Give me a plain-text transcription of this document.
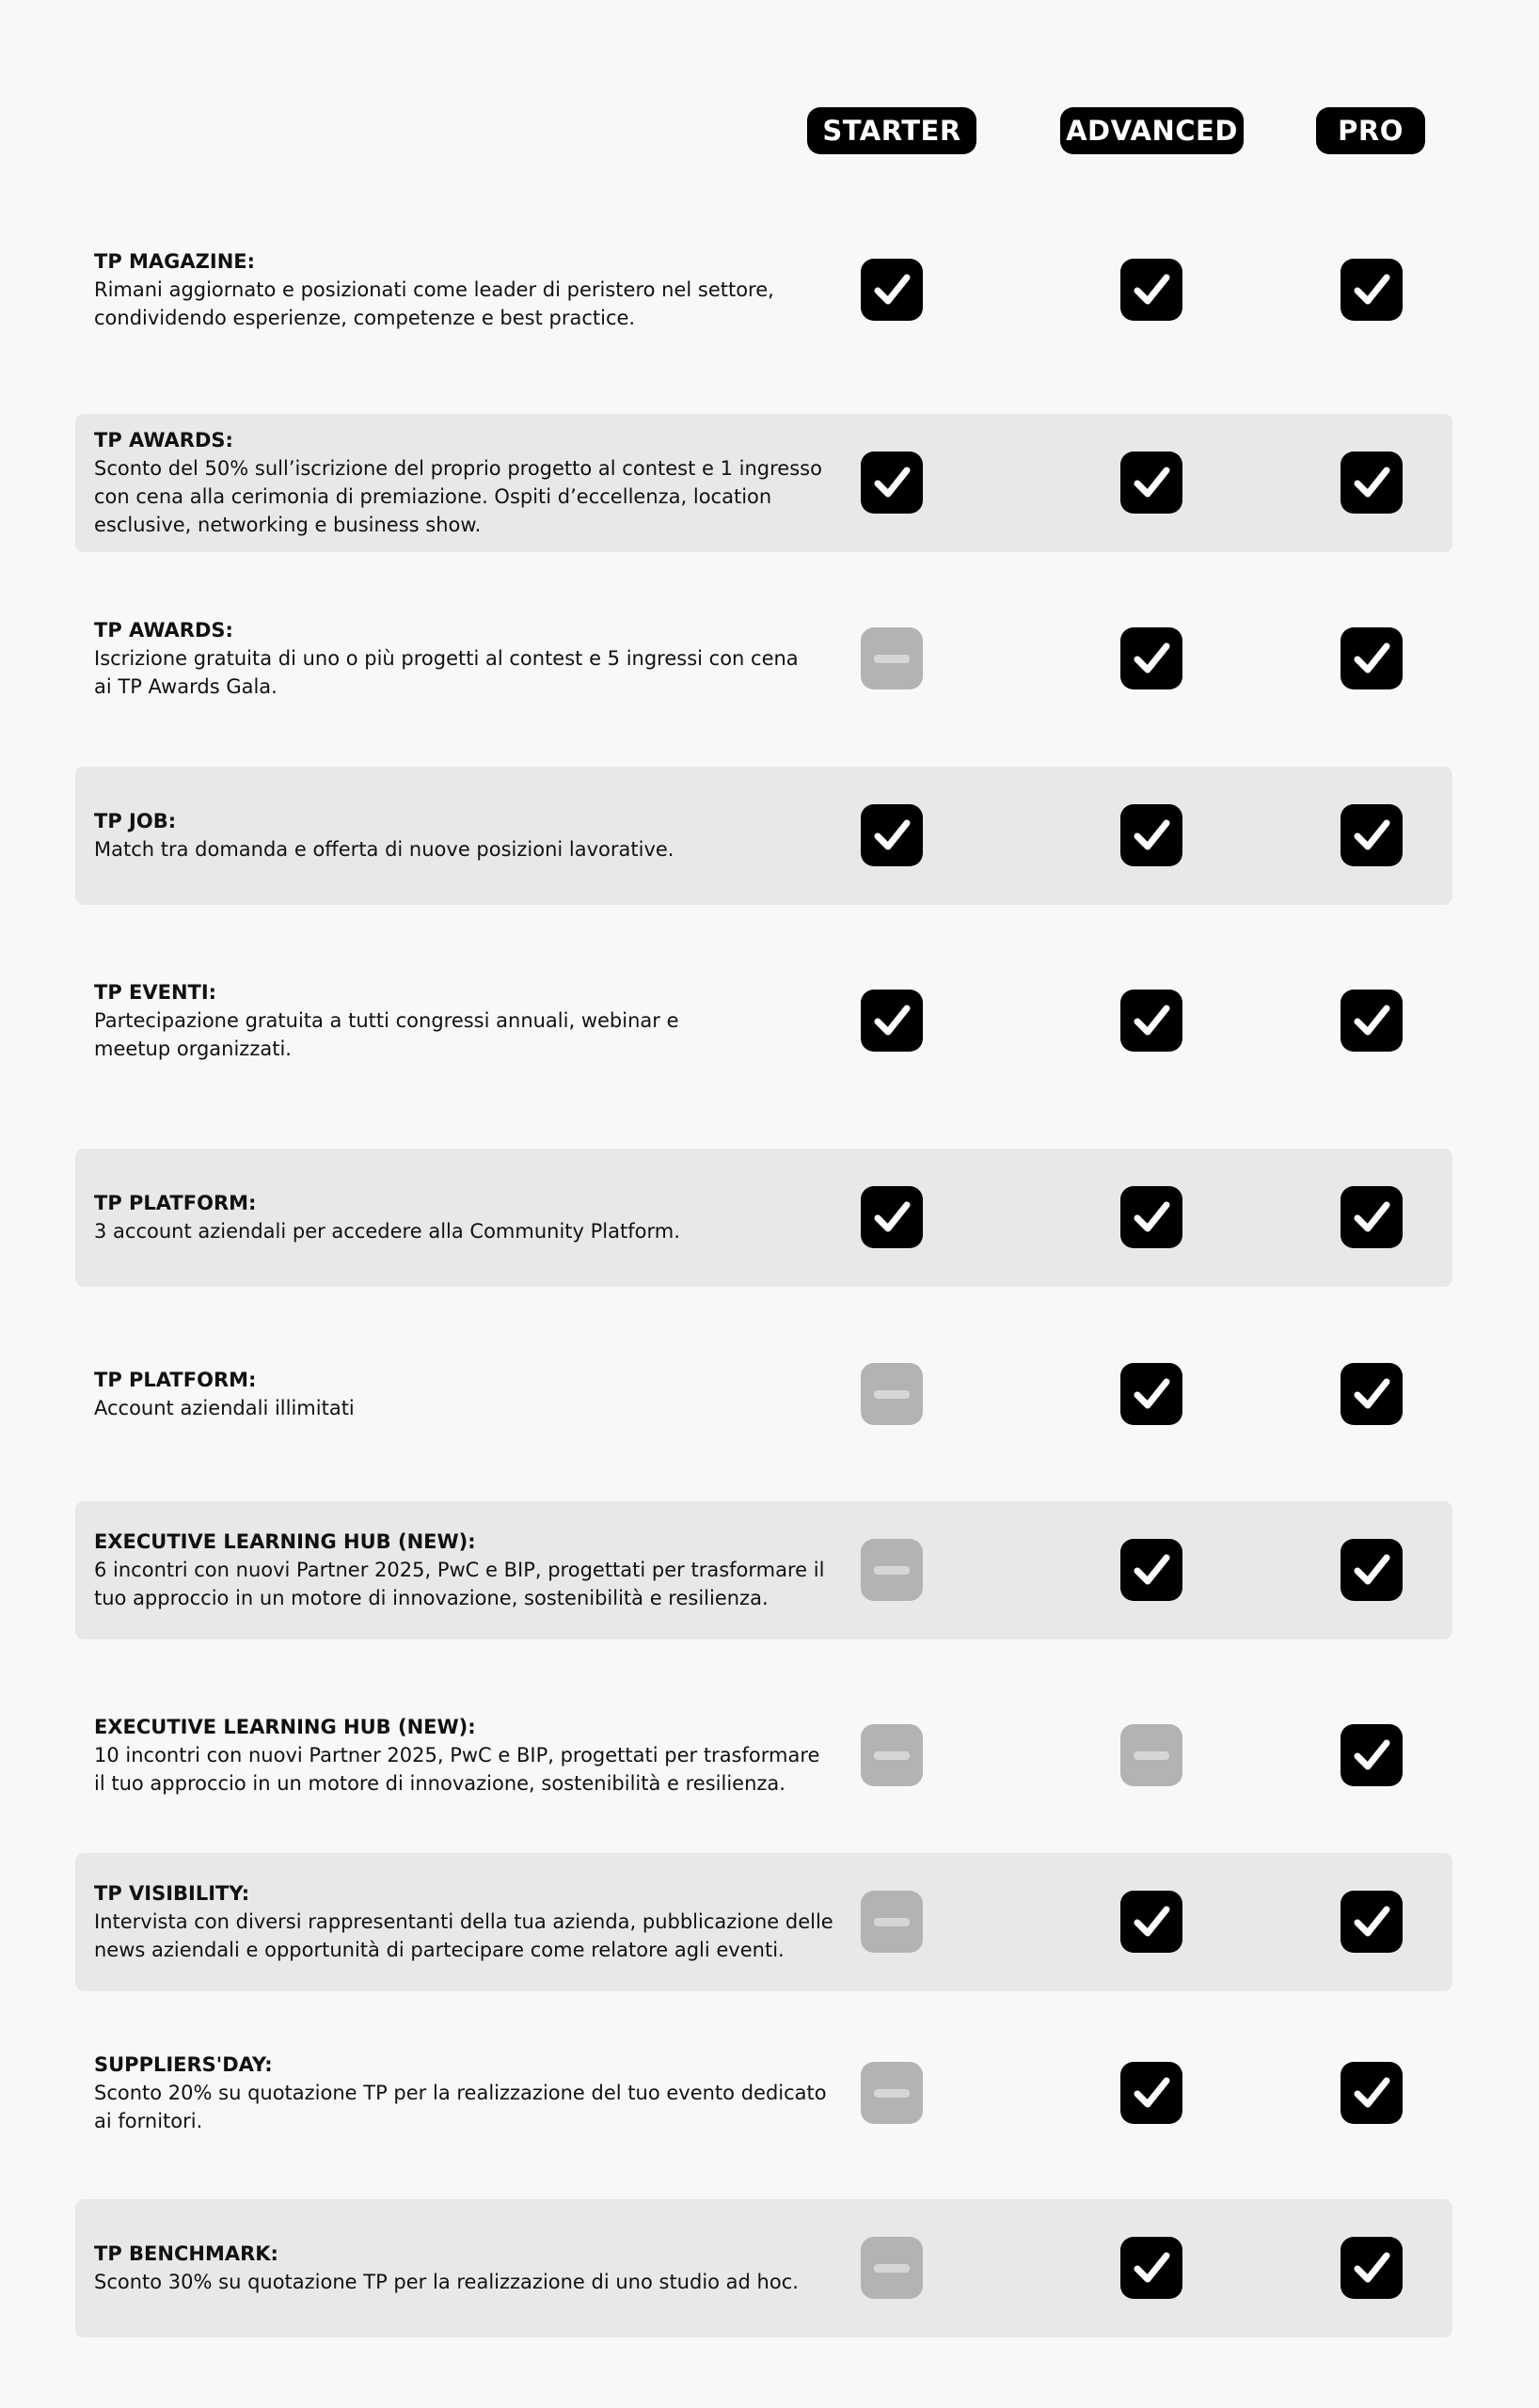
STARTER	ADVANCED	PRO
TP MAGAZINE:
Rimani aggiornato e posizionati come leader di peristero nel settore,
condividendo esperienze, competenze e best practice.
TP AWARDS:
Sconto del 50% sull’iscrizione del proprio progetto al contest e 1 ingresso
con cena alla cerimonia di premiazione. Ospiti d’eccellenza, location
esclusive, networking e business show.
TP AWARDS:
Iscrizione gratuita di uno o più progetti al contest e 5 ingressi con cena
ai TP Awards Gala.
TP JOB:
Match tra domanda e offerta di nuove posizioni lavorative.
TP EVENTI:
Partecipazione gratuita a tutti congressi annuali, webinar e
meetup organizzati.
TP PLATFORM:
3 account aziendali per accedere alla Community Platform.
TP PLATFORM:
Account aziendali illimitati
EXECUTIVE LEARNING HUB (NEW):
6 incontri con nuovi Partner 2025, PwC e BIP, progettati per trasformare il
tuo approccio in un motore di innovazione, sostenibilità e resilienza.
EXECUTIVE LEARNING HUB (NEW):
10 incontri con nuovi Partner 2025, PwC e BIP, progettati per trasformare
il tuo approccio in un motore di innovazione, sostenibilità e resilienza.
TP VISIBILITY:
Intervista con diversi rappresentanti della tua azienda, pubblicazione delle
news aziendali e opportunità di partecipare come relatore agli eventi.
SUPPLIERS'DAY:
Sconto 20% su quotazione TP per la realizzazione del tuo evento dedicato
ai fornitori.
TP BENCHMARK:
Sconto 30% su quotazione TP per la realizzazione di uno studio ad hoc.
